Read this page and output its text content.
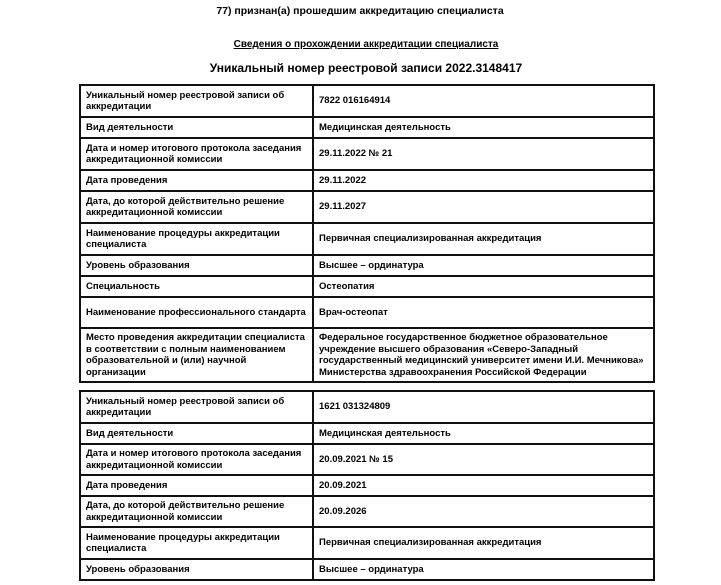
77) признан(а) прошедшим аккредитацию специалиста
Сведения о прохождении аккредитации специалиста
Уникальный номер реестровой записи 2022.3148417
Уникальный номер реестровой записи об аккредитации	7822 016164914
Вид деятельности	Медицинская деятельность
Дата и номер итогового протокола заседания аккредитационной комиссии	29.11.2022 № 21
Дата проведения	29.11.2022
Дата, до которой действительно решение аккредитационной комиссии	29.11.2027
Наименование процедуры аккредитации специалиста	Первичная специализированная аккредитация
Уровень образования	Высшее – ординатура
Специальность	Остеопатия
Наименование профессионального стандарта	Врач-остеопат
Место проведения аккредитации специалиста в соответствии с полным наименованием образовательной и (или) научной организации	Федеральное государственное бюджетное образовательное учреждение высшего образования «Северо-Западный государственный медицинский университет имени И.И. Мечникова» Министерства здравоохранения Российской Федерации
Уникальный номер реестровой записи об аккредитации	1621 031324809
Вид деятельности	Медицинская деятельность
Дата и номер итогового протокола заседания аккредитационной комиссии	20.09.2021 № 15
Дата проведения	20.09.2021
Дата, до которой действительно решение аккредитационной комиссии	20.09.2026
Наименование процедуры аккредитации специалиста	Первичная специализированная аккредитация
Уровень образования	Высшее – ординатура
